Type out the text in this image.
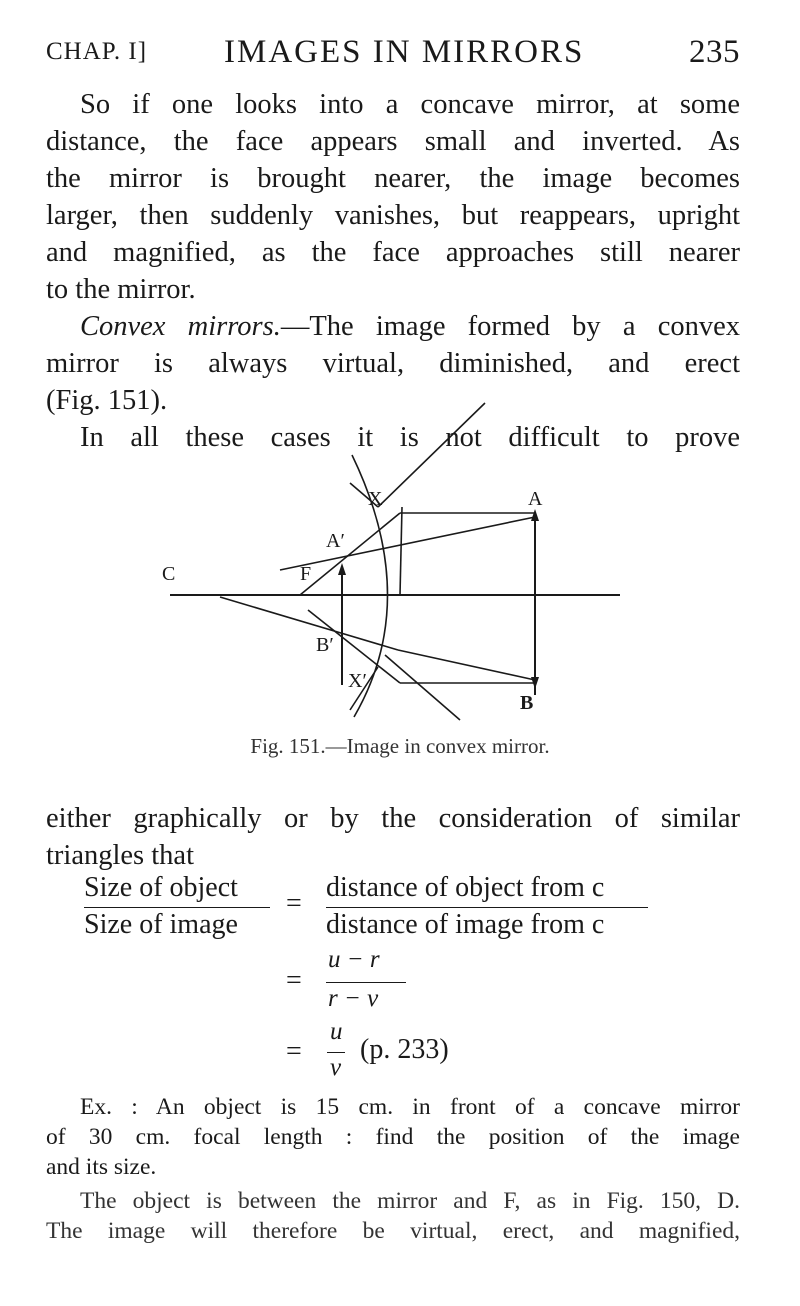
CHAP. I] IMAGES IN MIRRORS	235
So if one looks into a concave mirror, at some
distance, the face appears small and inverted. As
the mirror is brought nearer, the image becomes
larger, then suddenly vanishes, but reappears, upright
and magnified, as the face approaches still nearer
to the mirror.
Convex mirrors.—The image formed by a convex
mirror is always virtual, diminished, and erect
(Fig. 151).
In all these cases it is not difficult to prove
X	A
A′
C	F
B′
X′
B
Fig. 151.—Image in convex mirror.
either graphically or by the consideration of similar
triangles that
Size of object
Size of image
=
distance of object from c
distance of image from c
=
u − r
r − v
=
u
v
(p. 233)
Ex. : An object is 15 cm. in front of a concave mirror
of 30 cm. focal length : find the position of the image
and its size.
The object is between the mirror and F, as in Fig. 150, D.
The image will therefore be virtual, erect, and magnified,
